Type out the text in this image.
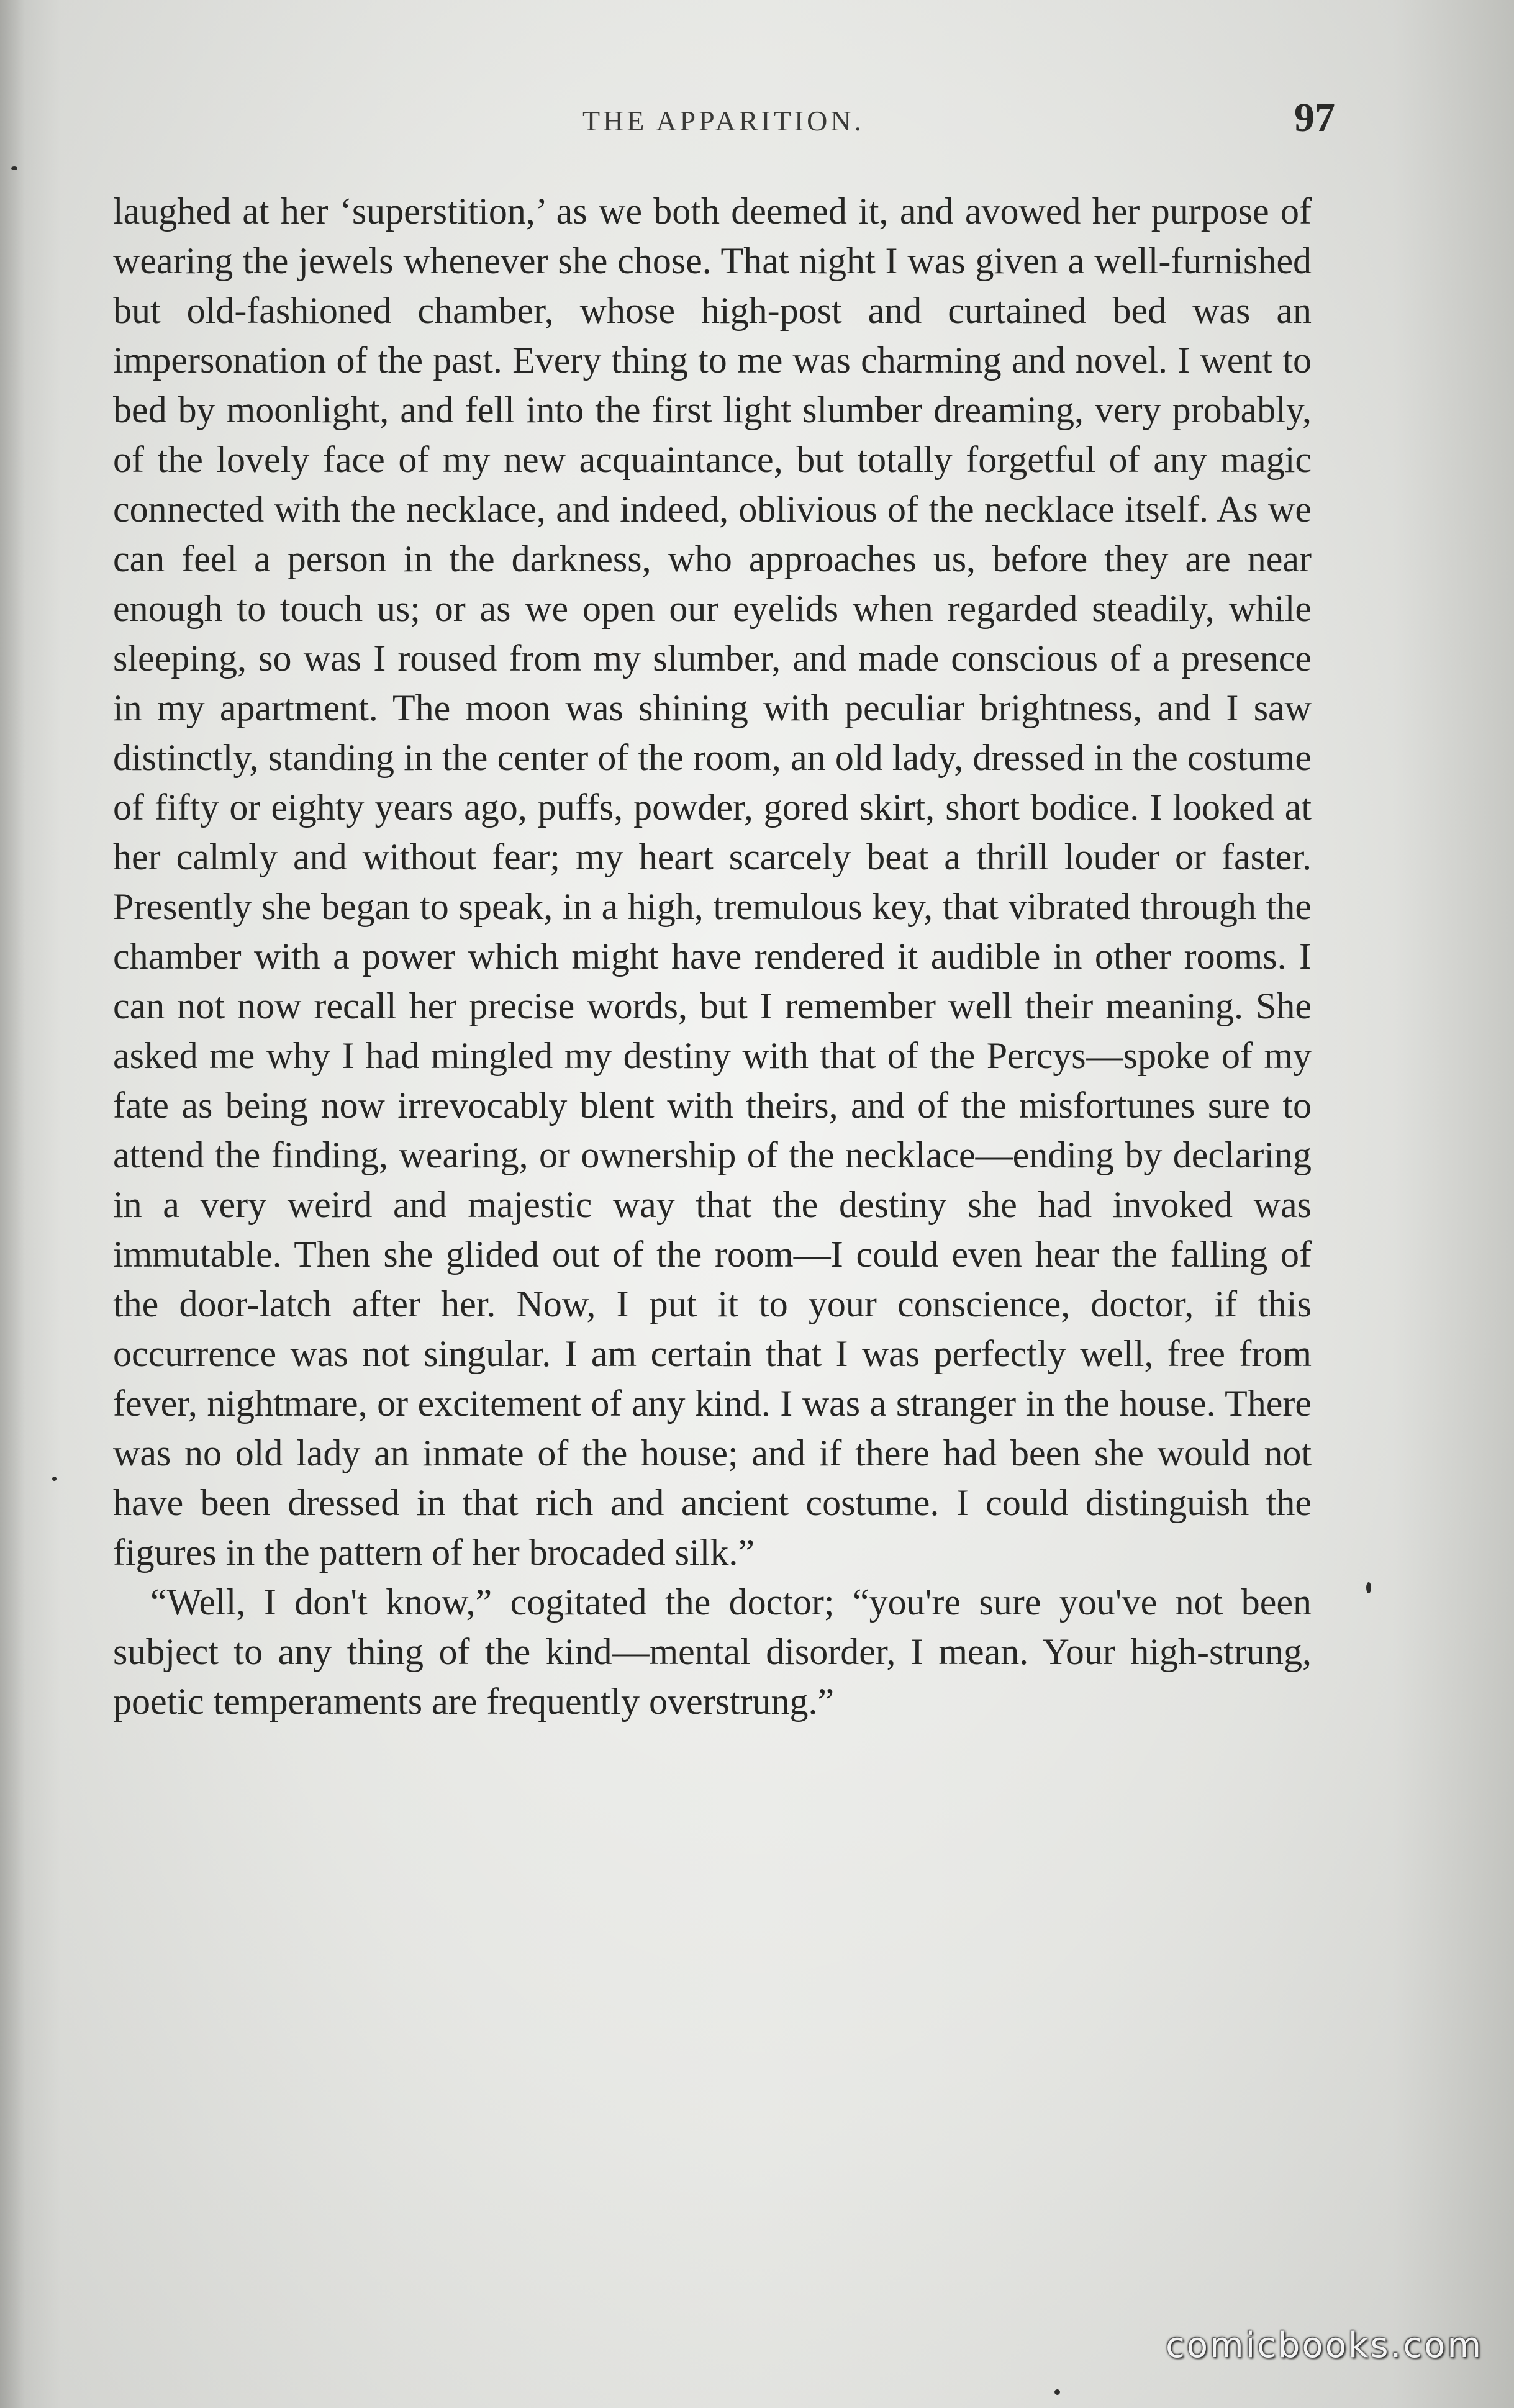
THE APPARITION.	97

laughed at her ‘superstition,’ as we both deemed it, and avowed her purpose of wearing the jewels whenever she chose. That night I was given a well-furnished but old-fashioned chamber, whose high-post and curtained bed was an impersonation of the past. Every thing to me was charming and novel. I went to bed by moonlight, and fell into the first light slumber dreaming, very probably, of the lovely face of my new acquaintance, but totally forgetful of any magic connected with the necklace, and indeed, oblivious of the necklace itself. As we can feel a person in the darkness, who approaches us, before they are near enough to touch us; or as we open our eyelids when regarded steadily, while sleeping, so was I roused from my slumber, and made conscious of a presence in my apartment. The moon was shining with peculiar brightness, and I saw distinctly, standing in the center of the room, an old lady, dressed in the costume of fifty or eighty years ago, puffs, powder, gored skirt, short bodice. I looked at her calmly and without fear; my heart scarcely beat a thrill louder or faster. Presently she began to speak, in a high, tremulous key, that vibrated through the chamber with a power which might have rendered it audible in other rooms. I can not now recall her precise words, but I remember well their meaning. She asked me why I had mingled my destiny with that of the Percys—spoke of my fate as being now irrevocably blent with theirs, and of the misfortunes sure to attend the finding, wearing, or ownership of the necklace—ending by declaring in a very weird and majestic way that the destiny she had invoked was immutable. Then she glided out of the room—I could even hear the falling of the door-latch after her. Now, I put it to your conscience, doctor, if this occurrence was not singular. I am certain that I was perfectly well, free from fever, nightmare, or excitement of any kind. I was a stranger in the house. There was no old lady an inmate of the house; and if there had been she would not have been dressed in that rich and ancient costume. I could distinguish the figures in the pattern of her brocaded silk.”

“Well, I don't know,” cogitated the doctor; “you're sure you've not been subject to any thing of the kind—mental disorder, I mean. Your high-strung, poetic temperaments are frequently overstrung.”

comicbooks.com
